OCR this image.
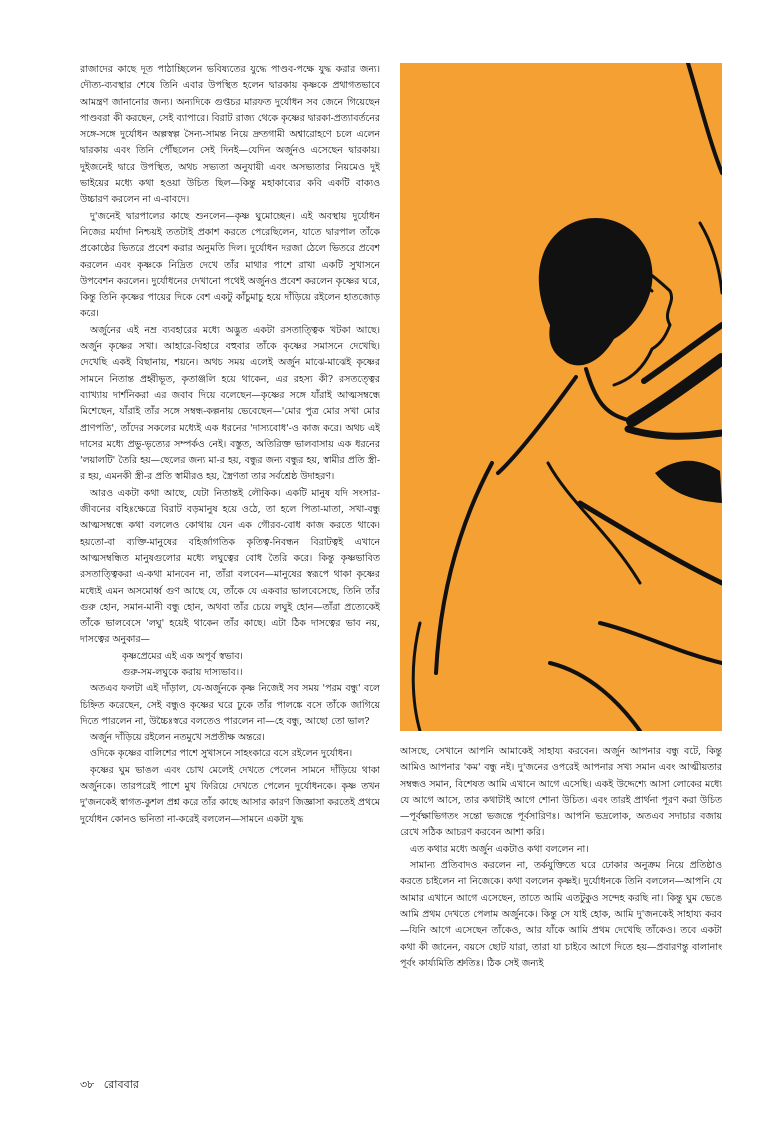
রাজাদের কাছে দূত পাঠাচ্ছিলেন ভবিষ্যতের যুদ্ধে পাণ্ডব-পক্ষে যুদ্ধ করার জন্য। দৌত্য-ব্যবস্থার শেষে তিনি এবার উপস্থিত হলেন দ্বারকায় কৃষ্ণকে প্রথাগতভাবে আমন্ত্রণ জানানোর জন্য। অন্যদিকে গুপ্তচর মারফত দুর্যোধন সব জেনে গিয়েছেন পাণ্ডবরা কী করছেন, সেই ব্যাপারে। বিরাট রাজ্য থেকে কৃষ্ণের দ্বারকা-প্রত্যাবর্তনের সঙ্গে-সঙ্গে দুর্যোধন অল্পস্বল্প সৈন্য-সামন্ত নিয়ে দ্রুতগামী অশ্বারোহণে চলে এলেন দ্বারকায় এবং তিনি পৌঁছলেন সেই দিনই—যেদিন অর্জুনও এসেছেন দ্বারকায়। দুইজনেই দ্বারে উপস্থিত, অথচ সভ্যতা অনুযায়ী এবং অসভ্যতার নিয়মেও দুই ভাইয়ের মধ্যে কথা হওয়া উচিত ছিল—কিন্তু মহাকাব্যের কবি একটি বাক্যও উচ্চারণ করলেন না এ-বাবদে।

দু'জনেই দ্বারপালের কাছে শুনলেন—কৃষ্ণ ঘুমোচ্ছেন। এই অবস্থায় দুর্যোধন নিজের মর্যাদা নিশ্চয়ই ততটাই প্রকাশ করতে পেরেছিলেন, যাতে দ্বারপাল তাঁকে প্রকোষ্ঠের ভিতরে প্রবেশ করার অনুমতি দিল। দুর্যোধন দরজা ঠেলে ভিতরে প্রবেশ করলেন এবং কৃষ্ণকে নিদ্রিত দেখে তাঁর মাথার পাশে রাখা একটি সুখাসনে উপবেশন করলেন। দুর্যোধনের দেখানো পথেই অর্জুনও প্রবেশ করলেন কৃষ্ণের ঘরে, কিন্তু তিনি কৃষ্ণের পায়ের দিকে বেশ একটু কাঁচুমাচু হয়ে দাঁড়িয়ে রইলেন হাতজোড় করে।

অর্জুনের এই নম্র ব্যবহারের মধ্যে অদ্ভুত একটা রসতাত্ত্বিক খটকা আছে। অর্জুন কৃষ্ণের সখা। আহারে-বিহারে বহুবার তাঁকে কৃষ্ণের সমাসনে দেখেছি। দেখেছি একই বিছানায়, শয়নে। অথচ সময় এলেই অর্জুন মাঝে-মাঝেই কৃষ্ণের সামনে নিতান্ত প্রহ্বীভূত, কৃতাঞ্জলি হয়ে থাকেন, এর রহস্য কী? রসতত্ত্বের ব্যাখ্যায় দার্শনিকরা এর জবাব দিয়ে বলেছেন—কৃষ্ণের সঙ্গে যাঁরাই আত্মসম্বন্ধে মিশেছেন, যাঁরাই তাঁর সঙ্গে সম্বন্ধ-কল্পনায় ভেবেছেন—'মোর পুত্র মোর সখা মোর প্রাণপতি', তাঁদের সকলের মধ্যেই এক ধরনের 'দাস্যবোধ'-ও কাজ করে। অথচ এই দাসের মধ্যে প্রভু-ভৃত্যের সম্পর্কও নেই। বস্তুত, অতিরিক্ত ভালবাসায় এক ধরনের 'লয়ালটি' তৈরি হয়—ছেলের জন্য মা-র হয়, বন্ধুর জন্য বন্ধুর হয়, স্বামীর প্রতি স্ত্রী-র হয়, এমনকী স্ত্রী-র প্রতি স্বামীরও হয়, স্ত্রৈণতা তার সর্বশ্রেষ্ঠ উদাহরণ।

আরও একটা কথা আছে, যেটা নিতান্তই লৌকিক। একটি মানুষ যদি সংসার-জীবনের বহিঃক্ষেত্রে বিরাট বড়মানুষ হয়ে ওঠে, তা হলে পিতা-মাতা, সখা-বন্ধু আত্মসম্বন্ধে কথা বললেও কোথায় যেন এক গৌরব-বোধ কাজ করতে থাকে। হয়তো-বা ব্যক্তি-মানুষের বহির্জাগতিক কৃতিত্ব-নিবন্ধন বিরাটত্বই এখানে আত্মসম্বন্ধিত মানুষগুলোর মধ্যে লঘুত্বের বোধ তৈরি করে। কিন্তু কৃষ্ণভাবিত রসতাত্ত্বিকরা এ-কথা মানবেন না, তাঁরা বলবেন—মানুষের স্বরূপে থাকা কৃষ্ণের মধ্যেই এমন অসমোর্ধ্ব গুণ আছে যে, তাঁকে যে একবার ভালবেসেছে, তিনি তাঁর গুরু হোন, সমান-মানী বন্ধু হোন, অথবা তাঁর চেয়ে লঘুই হোন—তাঁরা প্রত্যেকেই তাঁকে ভালবেসে 'লঘু' হয়েই থাকেন তাঁর কাছে। এটা ঠিক দাসত্বের ভাব নয়, দাসত্বের অনুকার—

কৃষ্ণপ্রেমের এই এক অপূর্ব স্বভাব।

গুরু-সম-লঘুকে করায় দাস্যভাব।।

অতএব ফলটা এই দাঁড়াল, যে-অর্জুনকে কৃষ্ণ নিজেই সব সময় 'পরম বন্ধু' বলে চিহ্নিত করেছেন, সেই বন্ধুও কৃষ্ণের ঘরে ঢুকে তাঁর পালঙ্কে বসে তাঁকে জাগিয়ে দিতে পারলেন না, উচ্চৈঃস্বরে বলতেও পারলেন না—হে বন্ধু, আছো তো ভাল?

অর্জুন দাঁড়িয়ে রইলেন নতমুখে সপ্রতীক্ষ অন্তরে।

ওদিকে কৃষ্ণের বালিশের পাশে সুখাসনে সাহংকারে বসে রইলেন দুর্যোধন।

কৃষ্ণের ঘুম ভাঙল এবং চোখ মেলেই দেখতে পেলেন সামনে দাঁড়িয়ে থাকা অর্জুনকে। তারপরেই পাশে মুখ ফিরিয়ে দেখতে পেলেন দুর্যোধনকে। কৃষ্ণ তখন দু'জনকেই স্বাগত-কুশল প্রশ্ন করে তাঁর কাছে আসার কারণ জিজ্ঞাসা করতেই প্রথমে দুর্যোধন কোনও ভনিতা না-করেই বললেন—সামনে একটা যুদ্ধ

আসছে, সেখানে আপনি আমাকেই সাহায্য করবেন। অর্জুন আপনার বন্ধু বটে, কিন্তু আমিও আপনার 'কম' বন্ধু নই। দু'জনের ওপরেই আপনার সখ্য সমান এবং আত্মীয়তার সম্বন্ধও সমান, বিশেষত আমি এখানে আগে এসেছি। একই উদ্দেশ্যে আসা লোকের মধ্যে যে আগে আসে, তার কথাটাই আগে শোনা উচিত। এবং তারই প্রার্থনা পূরণ করা উচিত—পূর্বক্ষাভিগতং সন্তো ভজন্তে পূর্বসারিণঃ। আপনি ভদ্রলোক, অতএব সদাচার বজায় রেখে সঠিক আচরণ করবেন আশা করি।

এত কথার মধ্যে অর্জুন একটাও কথা বললেন না।

সামান্য প্রতিবাদও করলেন না, তর্কযুক্তিতে ঘরে ঢোকার অনুক্রম নিয়ে প্রতিষ্ঠাও করতে চাইলেন না নিজেকে। কথা বললেন কৃষ্ণই। দুর্যোধনকে তিনি বললেন—আপনি যে আমার এখানে আগে এসেছেন, তাতে আমি এতটুকুও সন্দেহ করছি না। কিন্তু ঘুম ভেঙে আমি প্রথম দেখতে পেলাম অর্জুনকে। কিন্তু সে যাই হোক, আমি দু'জনকেই সাহায্য করব—যিনি আগে এসেছেন তাঁকেও, আর যাঁকে আমি প্রথম দেখেছি তাঁকেও। তবে একটা কথা কী জানেন, বয়সে ছোট যারা, তারা যা চাইবে আগে দিতে হয়—প্রবারণন্তু বালানাং পূর্বং কার্য্যমিতি শ্রুতিঃ। ঠিক সেই জন্যই

৩৮ রোববার
